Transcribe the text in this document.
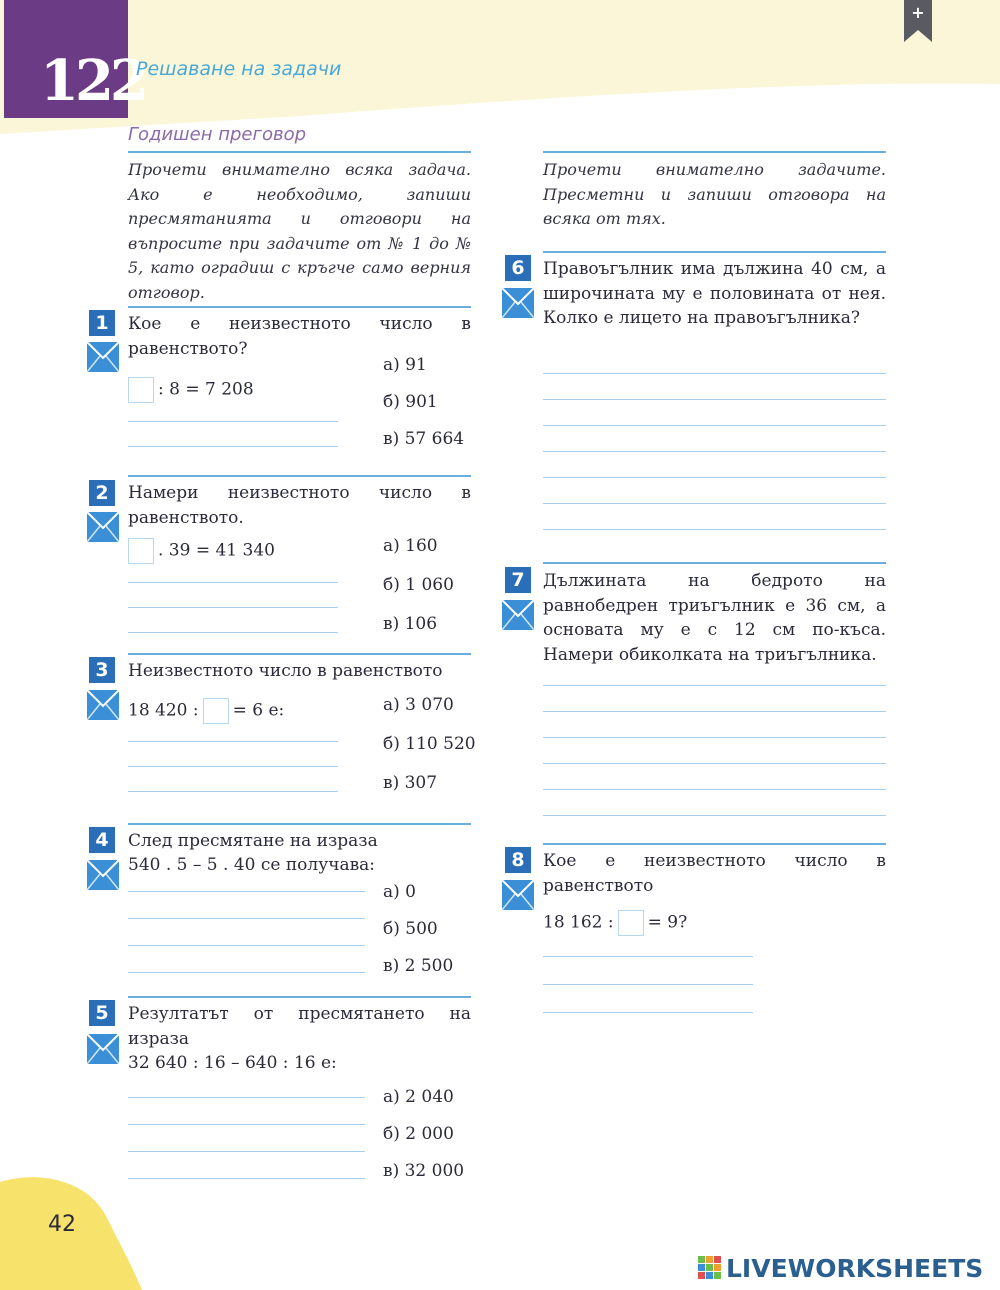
122
Решаване на задачи
+
Годишен преговор
Прочети внимателно всяка задача. Ако е необходимо, запиши пресмятанията и отговори на въпросите при задачите от № 1 до № 5, като оградиш с кръгче само верния отговор.
1	Кое е неизвестното число в равенството?
: 8 = 7 208
а) 91
б) 901
в) 57 664
2	Намери неизвестното число в равенството.
. 39 = 41 340	а) 160
б) 1 060
в) 106
3	Неизвестното число в равенството
18 420 : = 6 е:	а) 3 070
б) 110 520
в) 307
4	След пресмятане на израза
540 . 5 – 5 . 40 се получава:
а) 0
б) 500
в) 2 500
5	Резултатът от пресмятането на израза
32 640 : 16 – 640 : 16 е:
а) 2 040
б) 2 000
в) 32 000
Прочети внимателно задачите. Пресметни и запиши отговора на всяка от тях.
6	Правоъгълник има дължина 40 см, а широчината му е половината от нея. Колко е лицето на правоъгълника?
7	Дължината на бедрото на равнобедрен триъгълник е 36 см, а основата му е с 12 см по-къса. Намери обиколката на триъгълника.
8	Кое е неизвестното число в равенството
18 162 : = 9?
42
LIVEWORKSHEETS
